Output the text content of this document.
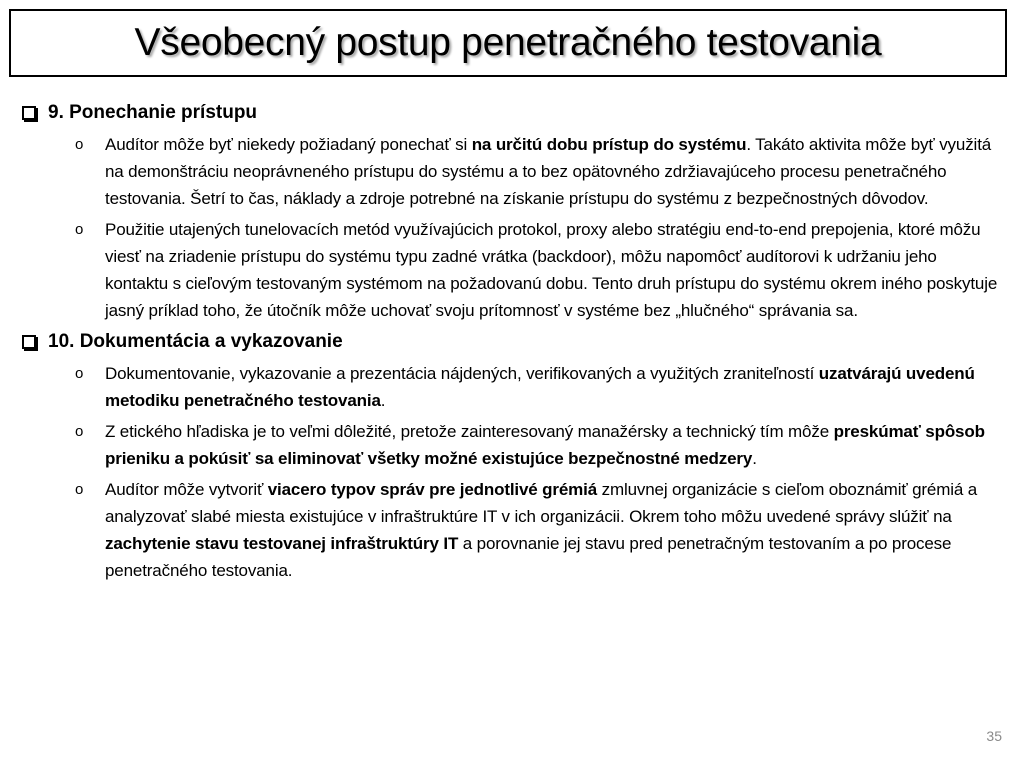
Všeobecný postup penetračného testovania
9. Ponechanie prístupu
o Audítor môže byť niekedy požiadaný ponechať si na určitú dobu prístup do systému. Takáto aktivita môže byť využitá na demonštráciu neoprávneného prístupu do systému a to bez opätovného zdržiavajúceho procesu penetračného testovania. Šetrí to čas, náklady a zdroje potrebné na získanie prístupu do systému z bezpečnostných dôvodov.
o Použitie utajených tunelovacích metód využívajúcich protokol, proxy alebo stratégiu end-to-end prepojenia, ktoré môžu viesť na zriadenie prístupu do systému typu zadné vrátka (backdoor), môžu napomôcť audítorovi k udržaniu jeho kontaktu s cieľovým testovaným systémom na požadovanú dobu. Tento druh prístupu do systému okrem iného poskytuje jasný príklad toho, že útočník môže uchovať svoju prítomnosť v systéme bez „hlučného“ správania sa.
10. Dokumentácia a vykazovanie
o Dokumentovanie, vykazovanie a prezentácia nájdených, verifikovaných a využitých zraniteľností uzatvárajú uvedenú metodiku penetračného testovania.
o Z etického hľadiska je to veľmi dôležité, pretože zainteresovaný manažérsky a technický tím môže preskúmať spôsob prieniku a pokúsiť sa eliminovať všetky možné existujúce bezpečnostné medzery.
o Audítor môže vytvoriť viacero typov správ pre jednotlivé grémiá zmluvnej organizácie s cieľom oboznámiť grémiá a analyzovať slabé miesta existujúce v infraštruktúre IT v ich organizácii. Okrem toho môžu uvedené správy slúžiť na zachytenie stavu testovanej infraštruktúry IT a porovnanie jej stavu pred penetračným testovaním a po procese penetračného testovania.
35
